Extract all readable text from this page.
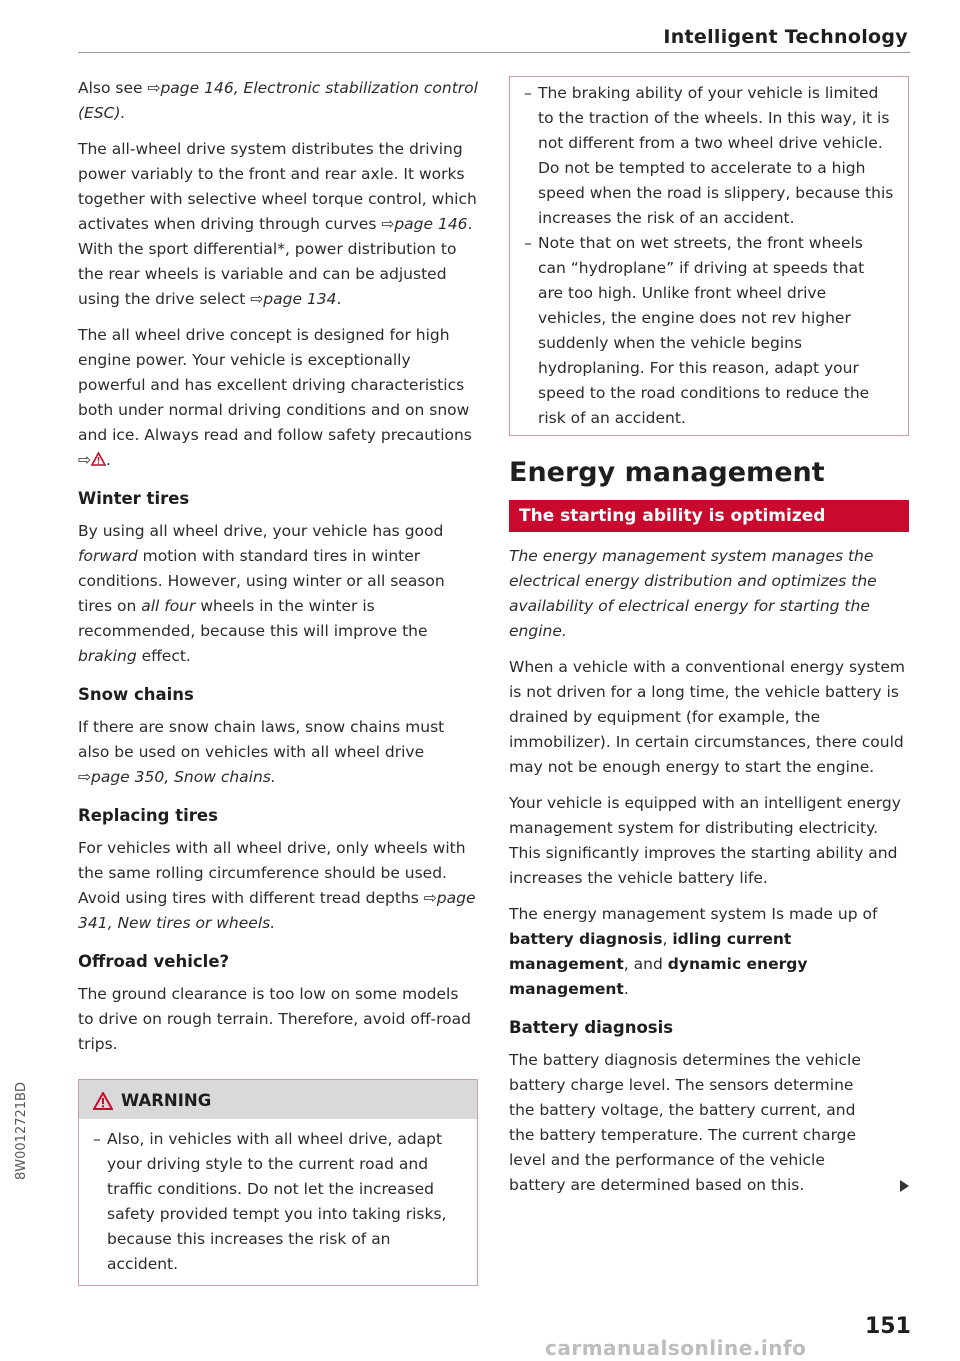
Intelligent Technology

Also see ⇨page 146, Electronic stabilization control (ESC).

The all-wheel drive system distributes the driving power variably to the front and rear axle. It works together with selective wheel torque control, which activates when driving through curves ⇨page 146. With the sport differential*, power distribution to the rear wheels is variable and can be adjusted using the drive select ⇨page 134.

The all wheel drive concept is designed for high engine power. Your vehicle is exceptionally powerful and has excellent driving characteristics both under normal driving conditions and on snow and ice. Always read and follow safety precautions ⇨ .

Winter tires

By using all wheel drive, your vehicle has good forward motion with standard tires in winter conditions. However, using winter or all season tires on all four wheels in the winter is recommended, because this will improve the braking effect.

Snow chains

If there are snow chain laws, snow chains must also be used on vehicles with all wheel drive ⇨page 350, Snow chains.

Replacing tires

For vehicles with all wheel drive, only wheels with the same rolling circumference should be used. Avoid using tires with different tread depths ⇨page 341, New tires or wheels.

Offroad vehicle?

The ground clearance is too low on some models to drive on rough terrain. Therefore, avoid off-road trips.

WARNING
– Also, in vehicles with all wheel drive, adapt your driving style to the current road and traffic conditions. Do not let the increased safety provided tempt you into taking risks, because this increases the risk of an accident.
– The braking ability of your vehicle is limited to the traction of the wheels. In this way, it is not different from a two wheel drive vehicle. Do not be tempted to accelerate to a high speed when the road is slippery, because this increases the risk of an accident.
– Note that on wet streets, the front wheels can “hydroplane” if driving at speeds that are too high. Unlike front wheel drive vehicles, the engine does not rev higher suddenly when the vehicle begins hydroplaning. For this reason, adapt your speed to the road conditions to reduce the risk of an accident.
Energy management
The starting ability is optimized

The energy management system manages the electrical energy distribution and optimizes the availability of electrical energy for starting the engine.

When a vehicle with a conventional energy system is not driven for a long time, the vehicle battery is drained by equipment (for example, the immobilizer). In certain circumstances, there could may not be enough energy to start the engine.

Your vehicle is equipped with an intelligent energy management system for distributing electricity. This significantly improves the starting ability and increases the vehicle battery life.

The energy management system Is made up of battery diagnosis, idling current management, and dynamic energy management.

Battery diagnosis

The battery diagnosis determines the vehicle battery charge level. The sensors determine the battery voltage, the battery current, and the battery temperature. The current charge level and the performance of the vehicle battery are determined based on this.

8W0012721BD
151
carmanualsonline.info
